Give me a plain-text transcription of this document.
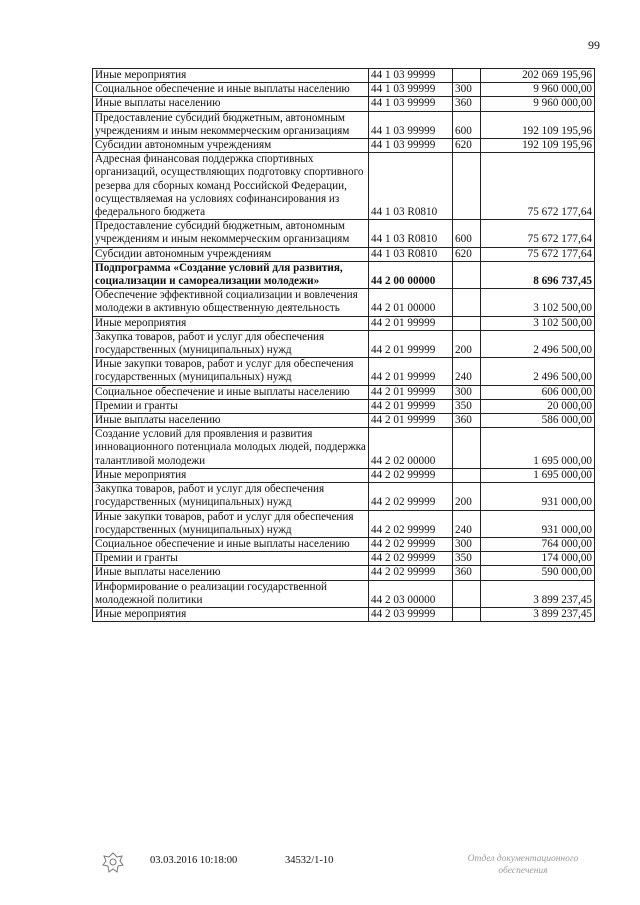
99
Иные мероприятия	44 1 03 99999		202 069 195,96
Социальное обеспечение и иные выплаты населению	44 1 03 99999	300	9 960 000,00
Иные выплаты населению	44 1 03 99999	360	9 960 000,00
Предоставление субсидий бюджетным, автономным учреждениям и иным некоммерческим организациям	44 1 03 99999	600	192 109 195,96
Субсидии автономным учреждениям	44 1 03 99999	620	192 109 195,96
Адресная финансовая поддержка спортивных организаций, осуществляющих подготовку спортивного резерва для сборных команд Российской Федерации, осуществляемая на условиях софинансирования из федерального бюджета	44 1 03 R0810		75 672 177,64
Предоставление субсидий бюджетным, автономным учреждениям и иным некоммерческим организациям	44 1 03 R0810	600	75 672 177,64
Субсидии автономным учреждениям	44 1 03 R0810	620	75 672 177,64
Подпрограмма «Создание условий для развития, социализации и самореализации молодежи»	44 2 00 00000		8 696 737,45
Обеспечение эффективной социализации и вовлечения молодежи в активную общественную деятельность	44 2 01 00000		3 102 500,00
Иные мероприятия	44 2 01 99999		3 102 500,00
Закупка товаров, работ и услуг для обеспечения государственных (муниципальных) нужд	44 2 01 99999	200	2 496 500,00
Иные закупки товаров, работ и услуг для обеспечения государственных (муниципальных) нужд	44 2 01 99999	240	2 496 500,00
Социальное обеспечение и иные выплаты населению	44 2 01 99999	300	606 000,00
Премии и гранты	44 2 01 99999	350	20 000,00
Иные выплаты населению	44 2 01 99999	360	586 000,00
Создание условий для проявления и развития инновационного потенциала молодых людей, поддержка талантливой молодежи	44 2 02 00000		1 695 000,00
Иные мероприятия	44 2 02 99999		1 695 000,00
Закупка товаров, работ и услуг для обеспечения государственных (муниципальных) нужд	44 2 02 99999	200	931 000,00
Иные закупки товаров, работ и услуг для обеспечения государственных (муниципальных) нужд	44 2 02 99999	240	931 000,00
Социальное обеспечение и иные выплаты населению	44 2 02 99999	300	764 000,00
Премии и гранты	44 2 02 99999	350	174 000,00
Иные выплаты населению	44 2 02 99999	360	590 000,00
Информирование о реализации государственной молодежной политики	44 2 03 00000		3 899 237,45
Иные мероприятия	44 2 03 99999		3 899 237,45
03.03.2016 10:18:00	34532/1-10	Отдел документационного обеспечения
